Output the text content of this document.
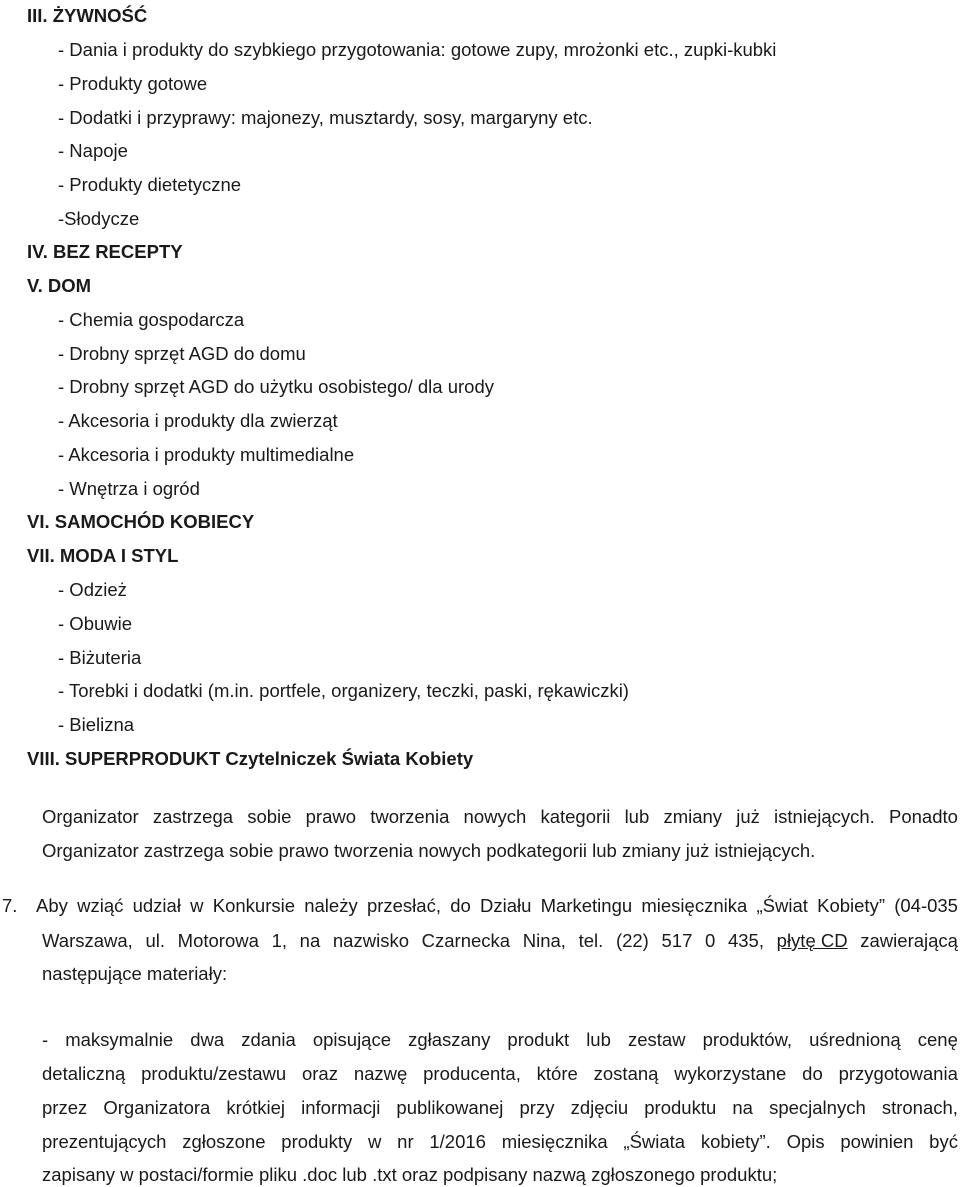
III. ŻYWNOŚĆ
- Dania i produkty do szybkiego przygotowania: gotowe zupy, mrożonki etc., zupki-kubki
- Produkty gotowe
- Dodatki i przyprawy: majonezy, musztardy, sosy, margaryny etc.
- Napoje
- Produkty dietetyczne
-Słodycze
IV. BEZ RECEPTY
V. DOM
- Chemia gospodarcza
- Drobny sprzęt AGD do domu
- Drobny sprzęt AGD do użytku osobistego/ dla urody
- Akcesoria i produkty dla zwierząt
- Akcesoria i produkty multimedialne
- Wnętrza i ogród
VI. SAMOCHÓD KOBIECY
VII. MODA I STYL
- Odzież
- Obuwie
- Biżuteria
- Torebki i dodatki (m.in. portfele, organizery, teczki, paski, rękawiczki)
- Bielizna
VIII. SUPERPRODUKT Czytelniczek Świata Kobiety
Organizator zastrzega sobie prawo tworzenia nowych kategorii lub zmiany już istniejących. Ponadto
Organizator zastrzega sobie prawo tworzenia nowych podkategorii lub zmiany już istniejących.
7. Aby wziąć udział w Konkursie należy przesłać, do Działu Marketingu miesięcznika „Świat Kobiety” (04-035
Warszawa, ul. Motorowa 1, na nazwisko Czarnecka Nina, tel. (22) 517 0 435, płytę CD zawierającą
następujące materiały:
- maksymalnie dwa zdania opisujące zgłaszany produkt lub zestaw produktów, uśrednioną cenę
detaliczną produktu/zestawu oraz nazwę producenta, które zostaną wykorzystane do przygotowania
przez Organizatora krótkiej informacji publikowanej przy zdjęciu produktu na specjalnych stronach,
prezentujących zgłoszone produkty w nr 1/2016 miesięcznika „Świata kobiety”. Opis powinien być
zapisany w postaci/formie pliku .doc lub .txt oraz podpisany nazwą zgłoszonego produktu;
